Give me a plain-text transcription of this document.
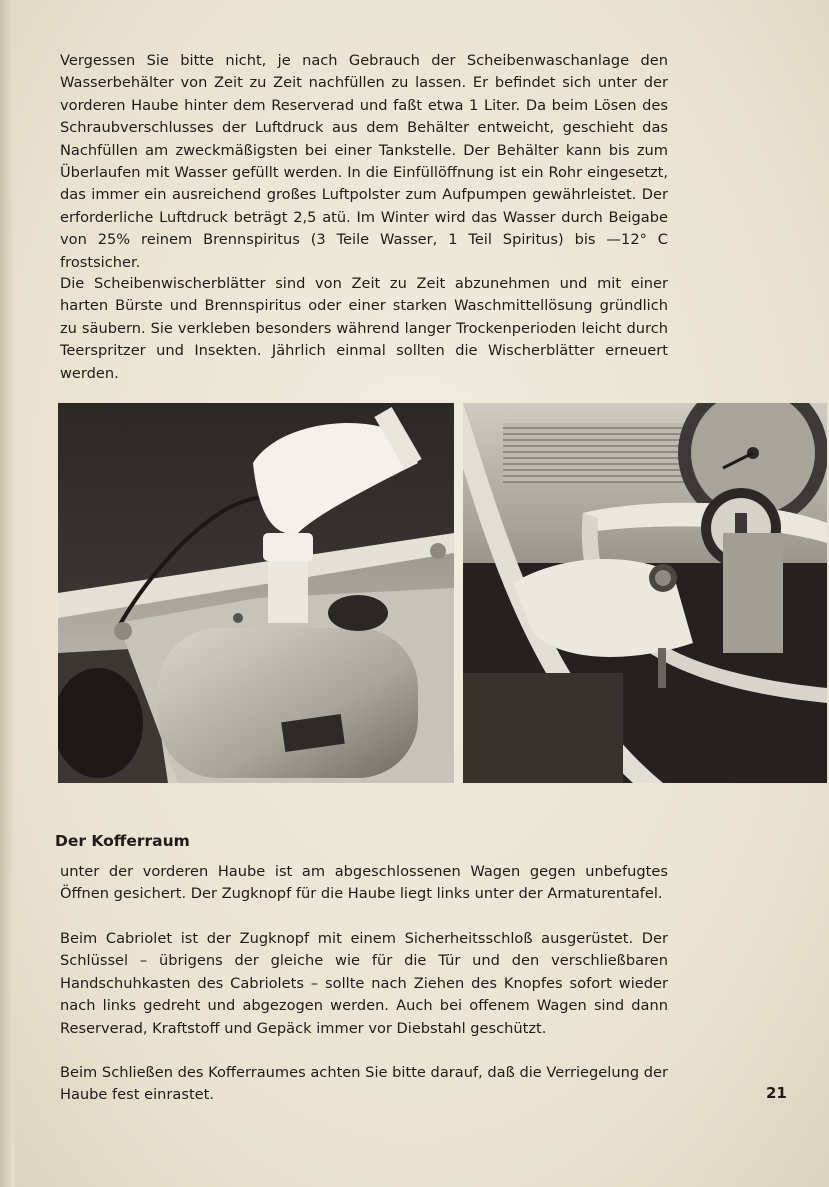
Vergessen Sie bitte nicht, je nach Gebrauch der Scheibenwaschanlage den Wasserbehälter von Zeit zu Zeit nachfüllen zu lassen. Er befindet sich unter der vorderen Haube hinter dem Reserverad und faßt etwa 1 Liter. Da beim Lösen des Schraubverschlusses der Luftdruck aus dem Behälter entweicht, geschieht das Nachfüllen am zweckmäßigsten bei einer Tankstelle. Der Behälter kann bis zum Überlaufen mit Wasser gefüllt werden. In die Einfüllöffnung ist ein Rohr eingesetzt, das immer ein ausreichend großes Luftpolster zum Aufpumpen gewährleistet. Der erforderliche Luftdruck beträgt 2,5 atü. Im Winter wird das Wasser durch Beigabe von 25% reinem Brennspiritus (3 Teile Wasser, 1 Teil Spiritus) bis —12° C frostsicher.

Die Scheibenwischerblätter sind von Zeit zu Zeit abzunehmen und mit einer harten Bürste und Brennspiritus oder einer starken Waschmittellösung gründlich zu säubern. Sie verkleben besonders während langer Trockenperioden leicht durch Teerspritzer und Insekten. Jährlich einmal sollten die Wischerblätter erneuert werden.

Der Kofferraum

unter der vorderen Haube ist am abgeschlossenen Wagen gegen unbefugtes Öffnen gesichert. Der Zugknopf für die Haube liegt links unter der Armaturentafel.

Beim Cabriolet ist der Zugknopf mit einem Sicherheitsschloß ausgerüstet. Der Schlüssel – übrigens der gleiche wie für die Tür und den verschließbaren Handschuhkasten des Cabriolets – sollte nach Ziehen des Knopfes sofort wieder nach links gedreht und abgezogen werden. Auch bei offenem Wagen sind dann Reserverad, Kraftstoff und Gepäck immer vor Diebstahl geschützt.

Beim Schließen des Kofferraumes achten Sie bitte darauf, daß die Verriegelung der Haube fest einrastet.	21
